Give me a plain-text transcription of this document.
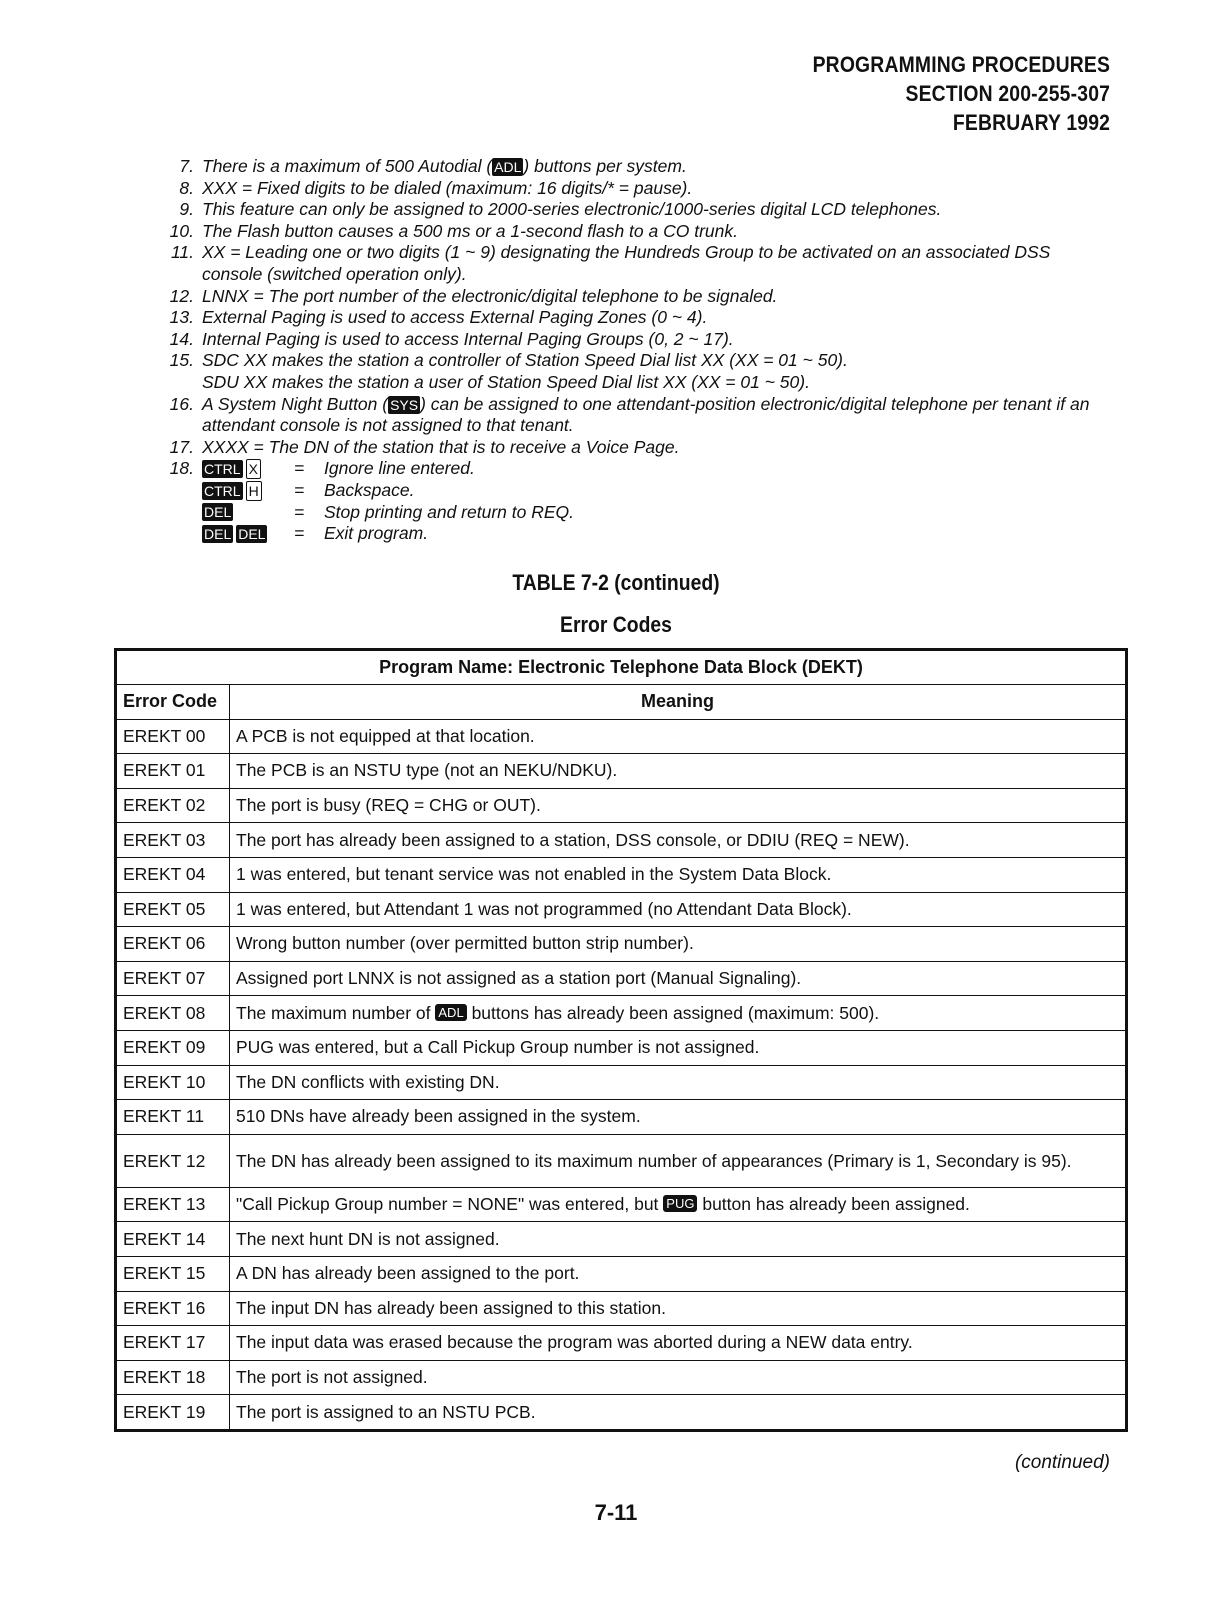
PROGRAMMING PROCEDURES
SECTION 200-255-307
FEBRUARY 1992
7. There is a maximum of 500 Autodial ( ADL ) buttons per system.
8. XXX = Fixed digits to be dialed (maximum: 16 digits/* = pause).
9. This feature can only be assigned to 2000-series electronic/1000-series digital LCD telephones.
10. The Flash button causes a 500 ms or a 1-second flash to a CO trunk.
11. XX = Leading one or two digits (1 ~ 9) designating the Hundreds Group to be activated on an associated DSS console (switched operation only).
12. LNNX = The port number of the electronic/digital telephone to be signaled.
13. External Paging is used to access External Paging Zones (0 ~ 4).
14. Internal Paging is used to access Internal Paging Groups (0, 2 ~ 17).
15. SDC XX makes the station a controller of Station Speed Dial list XX (XX = 01 ~ 50).
SDU XX makes the station a user of Station Speed Dial list XX (XX = 01 ~ 50).
16. A System Night Button ( SYS ) can be assigned to one attendant-position electronic/digital telephone per tenant if an attendant console is not assigned to that tenant.
17. XXXX = The DN of the station that is to receive a Voice Page.
18. CTRL X =	Ignore line entered.
CTRL H =	Backspace.
DEL	=	Stop printing and return to REQ.
DEL DEL =	Exit program.
TABLE 7-2 (continued)
Error Codes
Program Name: Electronic Telephone Data Block (DEKT)	
Error Code	Meaning
EREKT 00	A PCB is not equipped at that location.
EREKT 01	The PCB is an NSTU type (not an NEKU/NDKU).
EREKT 02	The port is busy (REQ = CHG or OUT).
EREKT 03	The port has already been assigned to a station, DSS console, or DDIU (REQ = NEW).
EREKT 04	1 was entered, but tenant service was not enabled in the System Data Block.
EREKT 05	1 was entered, but Attendant 1 was not programmed (no Attendant Data Block).
EREKT 06	Wrong button number (over permitted button strip number).
EREKT 07	Assigned port LNNX is not assigned as a station port (Manual Signaling).
EREKT 08	The maximum number of ADL buttons has already been assigned (maximum: 500).
EREKT 09	PUG was entered, but a Call Pickup Group number is not assigned.
EREKT 10	The DN conflicts with existing DN.
EREKT 11	510 DNs have already been assigned in the system.
EREKT 12	The DN has already been assigned to its maximum number of appearances (Primary is 1, Secondary is 95).
EREKT 13	"Call Pickup Group number = NONE" was entered, but PUG button has already been assigned.
EREKT 14	The next hunt DN is not assigned.
EREKT 15	A DN has already been assigned to the port.
EREKT 16	The input DN has already been assigned to this station.
EREKT 17	The input data was erased because the program was aborted during a NEW data entry.
EREKT 18	The port is not assigned.
EREKT 19	The port is assigned to an NSTU PCB.
(continued)
7-11
